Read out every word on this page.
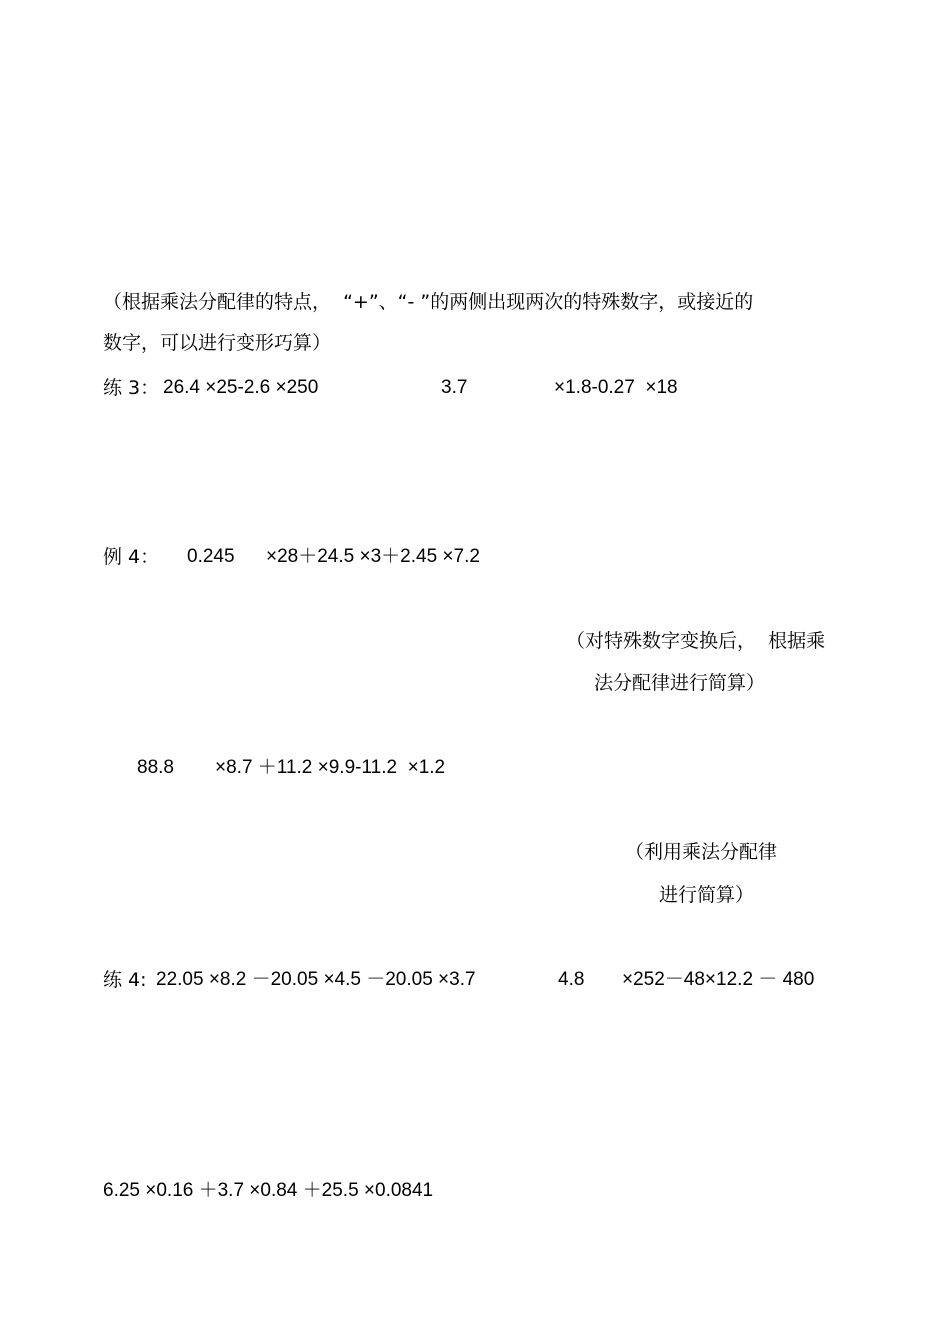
（根据乘法分配律的特点，  “+”、“- ”的两侧出现两次的特殊数字，或接近的
数字，可以进行变形巧算）
练 3： 26.4 ×25-2.6 ×250	3.7	×1.8-0.27  ×18
例 4： 0.245 ×28＋24.5 ×3＋2.45 ×7.2
（对特殊数字变换后，  根据乘
法分配律进行简算）
88.8 ×8.7 ＋11.2 ×9.9-11.2  ×1.2
（利用乘法分配律
进行简算）
练 4: 22.05 ×8.2 －20.05 ×4.5 －20.05 ×3.7	4.8 ×252－48×12.2 － 480
6.25 ×0.16 ＋3.7 ×0.84 ＋25.5 ×0.0841
